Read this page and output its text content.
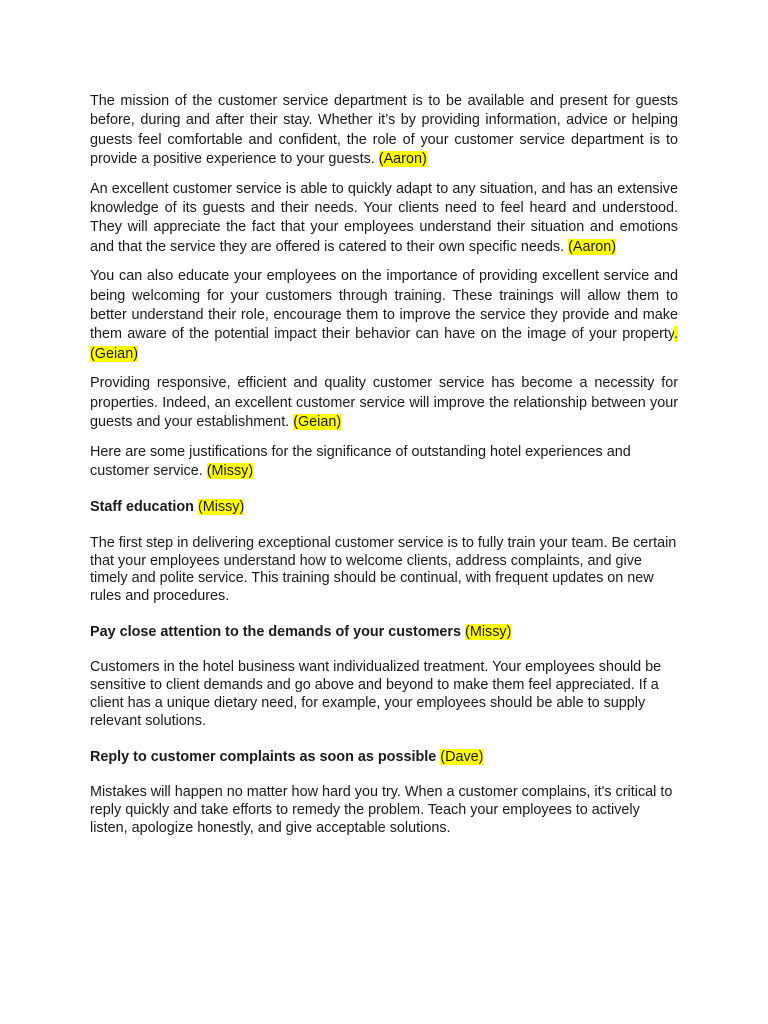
The mission of the customer service department is to be available and present for guests before, during and after their stay. Whether it’s by providing information, advice or helping guests feel comfortable and confident, the role of your customer service department is to provide a positive experience to your guests. (Aaron)

An excellent customer service is able to quickly adapt to any situation, and has an extensive knowledge of its guests and their needs. Your clients need to feel heard and understood. They will appreciate the fact that your employees understand their situation and emotions and that the service they are offered is catered to their own specific needs. (Aaron)

You can also educate your employees on the importance of providing excellent service and being welcoming for your customers through training. These trainings will allow them to better understand their role, encourage them to improve the service they provide and make them aware of the potential impact their behavior can have on the image of your property. (Geian)

Providing responsive, efficient and quality customer service has become a necessity for properties. Indeed, an excellent customer service will improve the relationship between your guests and your establishment. (Geian)

Here are some justifications for the significance of outstanding hotel experiences and customer service. (Missy)

Staff education (Missy)

The first step in delivering exceptional customer service is to fully train your team. Be certain that your employees understand how to welcome clients, address complaints, and give timely and polite service. This training should be continual, with frequent updates on new rules and procedures.

Pay close attention to the demands of your customers (Missy)

Customers in the hotel business want individualized treatment. Your employees should be sensitive to client demands and go above and beyond to make them feel appreciated. If a client has a unique dietary need, for example, your employees should be able to supply relevant solutions.

Reply to customer complaints as soon as possible (Dave)

Mistakes will happen no matter how hard you try. When a customer complains, it's critical to reply quickly and take efforts to remedy the problem. Teach your employees to actively listen, apologize honestly, and give acceptable solutions.
